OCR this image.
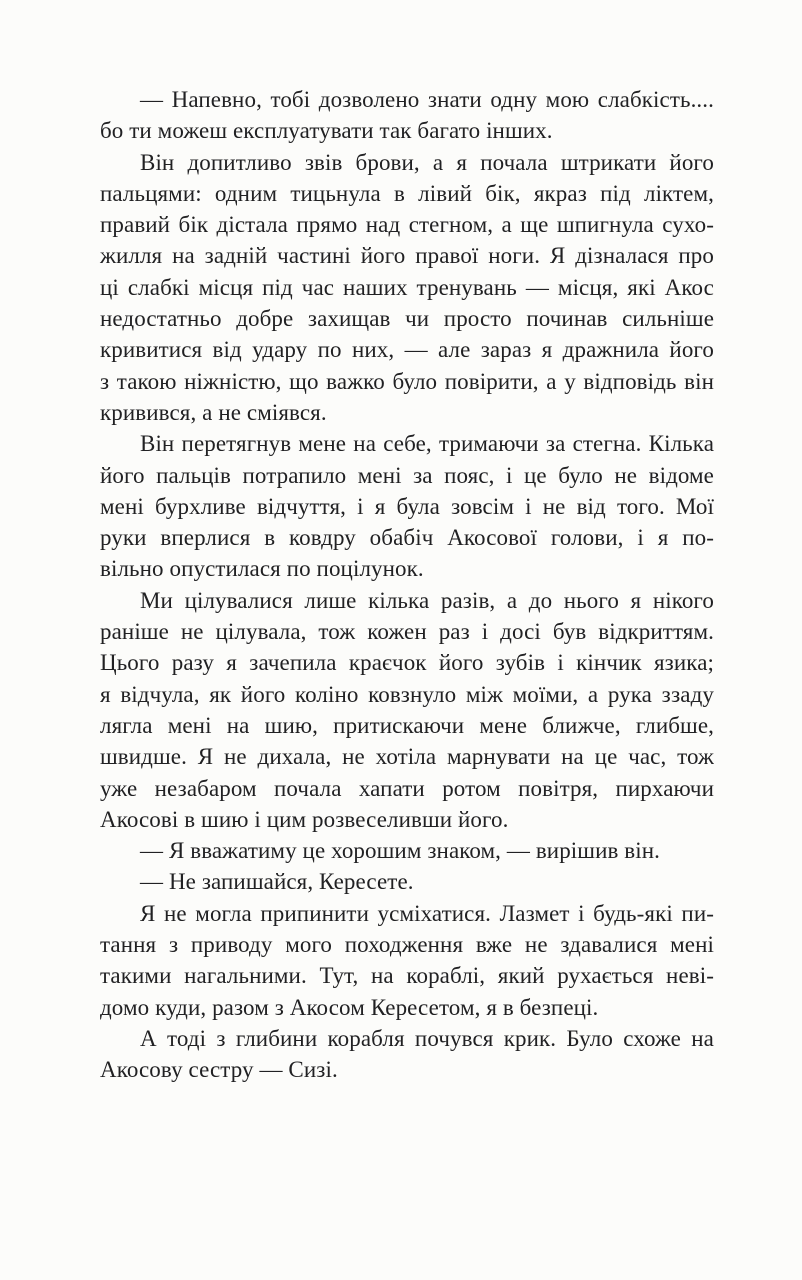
— Напевно, тобі дозволено знати одну мою слабкість....
бо ти можеш експлуатувати так багато інших.
Він допитливо звів брови, а я почала штрикати його
пальцями: одним тицьнула в лівий бік, якраз під ліктем,
правий бік дістала прямо над стегном, а ще шпигнула сухо-
жилля на задній частині його правої ноги. Я дізналася про
ці слабкі місця під час наших тренувань — місця, які Акос
недостатньо добре захищав чи просто починав сильніше
кривитися від удару по них, — але зараз я дражнила його
з такою ніжністю, що важко було повірити, а у відповідь він
кривився, а не сміявся.
Він перетягнув мене на себе, тримаючи за стегна. Кілька
його пальців потрапило мені за пояс, і це було не відоме
мені бурхливе відчуття, і я була зовсім і не від того. Мої
руки вперлися в ковдру обабіч Акосової голови, і я по-
вільно опустилася по поцілунок.
Ми цілувалися лише кілька разів, а до нього я нікого
раніше не цілувала, тож кожен раз і досі був відкриттям.
Цього разу я зачепила краєчок його зубів і кінчик язика;
я відчула, як його коліно ковзнуло між моїми, а рука ззаду
лягла мені на шию, притискаючи мене ближче, глибше,
швидше. Я не дихала, не хотіла марнувати на це час, тож
уже незабаром почала хапати ротом повітря, пирхаючи
Акосові в шию і цим розвеселивши його.
— Я вважатиму це хорошим знаком, — вирішив він.
— Не запишайся, Кересете.
Я не могла припинити усміхатися. Лазмет і будь-які пи-
тання з приводу мого походження вже не здавалися мені
такими нагальними. Тут, на кораблі, який рухається неві-
домо куди, разом з Акосом Кересетом, я в безпеці.
А тоді з глибини корабля почувся крик. Було схоже на
Акосову сестру — Сизі.
